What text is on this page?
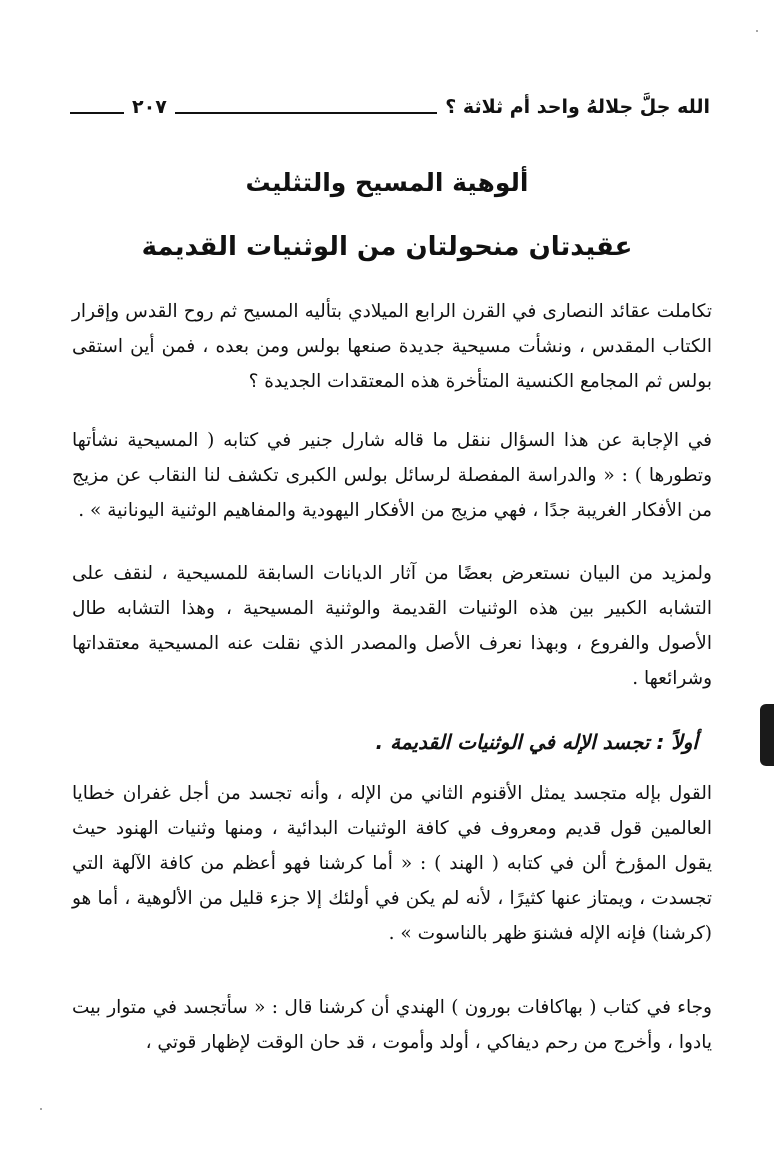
الله جلَّ جلالهُ واحد أم ثلاثة ؟
٢٠٧
ألوهية المسيح والتثليث
عقيدتان منحولتان من الوثنيات القديمة

تكاملت عقائد النصارى في القرن الرابع الميلادي بتأليه المسيح ثم روح القدس وإقرار الكتاب المقدس ، ونشأت مسيحية جديدة صنعها بولس ومن بعده ، فمن أين استقى بولس ثم المجامع الكنسية المتأخرة هذه المعتقدات الجديدة ؟

في الإجابة عن هذا السؤال ننقل ما قاله شارل جنير في كتابه ( المسيحية نشأتها وتطورها ) : « والدراسة المفصلة لرسائل بولس الكبرى تكشف لنا النقاب عن مزيج من الأفكار الغريبة جدًا ، فهي مزيج من الأفكار اليهودية والمفاهيم الوثنية اليونانية » .

ولمزيد من البيان نستعرض بعضًا من آثار الديانات السابقة للمسيحية ، لنقف على التشابه الكبير بين هذه الوثنيات القديمة والوثنية المسيحية ، وهذا التشابه طال الأصول والفروع ، وبهذا نعرف الأصل والمصدر الذي نقلت عنه المسيحية معتقداتها وشرائعها .

أولاً : تجسد الإله في الوثنيات القديمة .

القول بإله متجسد يمثل الأقنوم الثاني من الإله ، وأنه تجسد من أجل غفران خطايا العالمين قول قديم ومعروف في كافة الوثنيات البدائية ، ومنها وثنيات الهنود حيث يقول المؤرخ ألن في كتابه ( الهند ) : « أما كرشنا فهو أعظم من كافة الآلهة التي تجسدت ، ويمتاز عنها كثيرًا ، لأنه لم يكن في أولئك إلا جزء قليل من الألوهية ، أما هو (كرشنا) فإنه الإله فشنوَ ظهر بالناسوت » .

وجاء في كتاب ( بهاكافات بورون ) الهندي أن كرشنا قال : « سأتجسد في متوار بيت يادوا ، وأخرج من رحم ديفاكي ، أولد وأموت ، قد حان الوقت لإظهار قوتي ،
